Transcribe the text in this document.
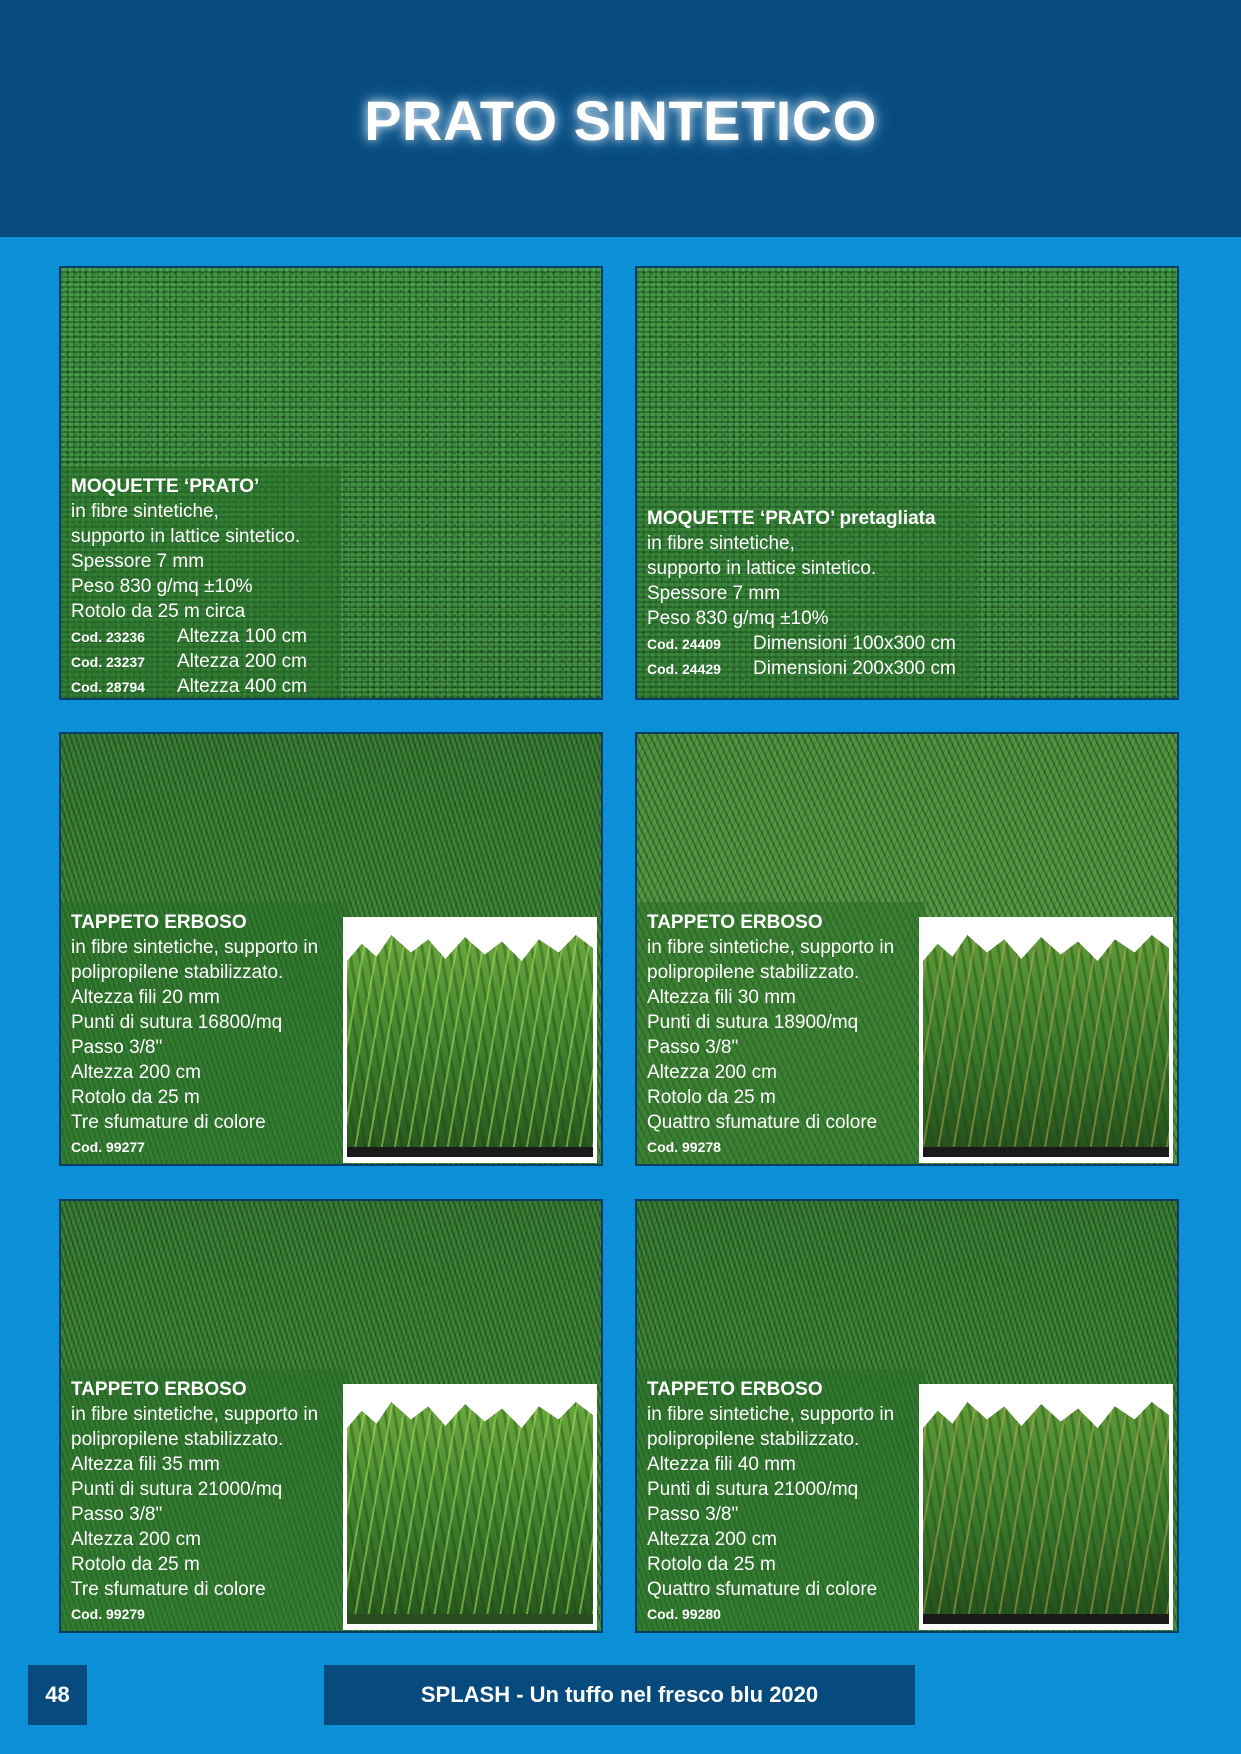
PRATO SINTETICO
MOQUETTE ‘PRATO’
in fibre sintetiche,
supporto in lattice sintetico.
Spessore 7 mm
Peso 830 g/mq ±10%
Rotolo da 25 m circa
Cod. 23236	Altezza 100 cm
Cod. 23237	Altezza 200 cm
Cod. 28794	Altezza 400 cm
MOQUETTE ‘PRATO’ pretagliata
in fibre sintetiche,
supporto in lattice sintetico.
Spessore 7 mm
Peso 830 g/mq ±10%
Cod. 24409	Dimensioni 100x300 cm
Cod. 24429	Dimensioni 200x300 cm
TAPPETO ERBOSO
in fibre sintetiche, supporto in
polipropilene stabilizzato.
Altezza fili 20 mm
Punti di sutura 16800/mq
Passo 3/8"
Altezza 200 cm
Rotolo da 25 m
Tre sfumature di colore
Cod. 99277
TAPPETO ERBOSO
in fibre sintetiche, supporto in
polipropilene stabilizzato.
Altezza fili 30 mm
Punti di sutura 18900/mq
Passo 3/8"
Altezza 200 cm
Rotolo da 25 m
Quattro sfumature di colore
Cod. 99278
TAPPETO ERBOSO
in fibre sintetiche, supporto in
polipropilene stabilizzato.
Altezza fili 35 mm
Punti di sutura 21000/mq
Passo 3/8"
Altezza 200 cm
Rotolo da 25 m
Tre sfumature di colore
Cod. 99279
TAPPETO ERBOSO
in fibre sintetiche, supporto in
polipropilene stabilizzato.
Altezza fili 40 mm
Punti di sutura 21000/mq
Passo 3/8"
Altezza 200 cm
Rotolo da 25 m
Quattro sfumature di colore
Cod. 99280
48	SPLASH - Un tuffo nel fresco blu 2020
